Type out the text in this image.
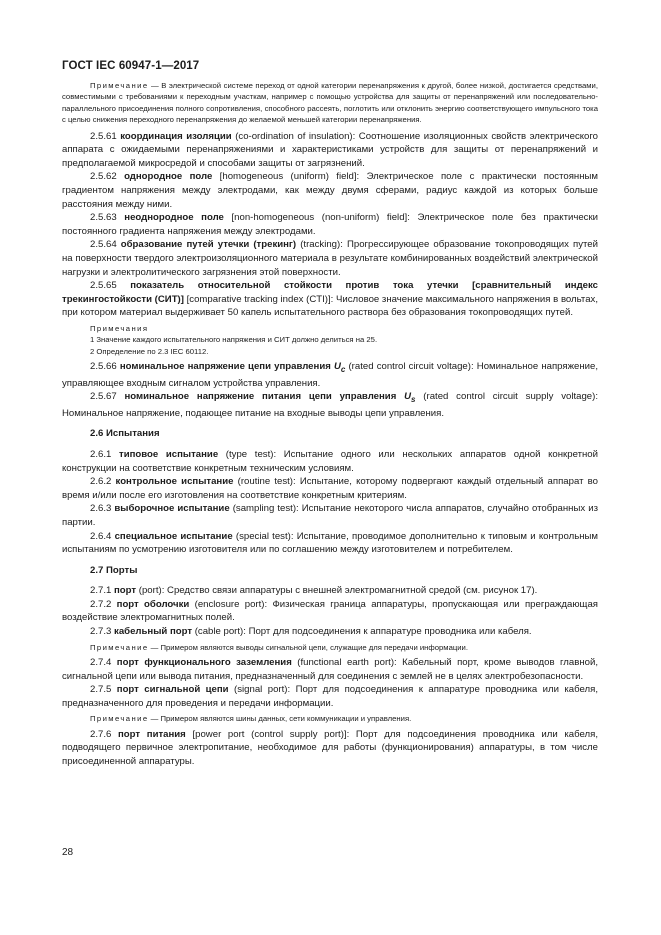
ГОСТ IEC 60947-1—2017

Примечание — В электрической системе переход от одной категории перенапряжения к другой, более низкой, достигается средствами, совместимыми с требованиями к переходным участкам, например с помощью устройства для защиты от перенапряжений или последовательно-параллельного присоединения полного сопротивления, способного рассеять, поглотить или отклонить энергию соответствующего импульсного тока с целью снижения переходного перенапряжения до желаемой меньшей категории перенапряжения.

2.5.61 координация изоляции (co-ordination of insulation): Соотношение изоляционных свойств электрического аппарата с ожидаемыми перенапряжениями и характеристиками устройств для защиты от перенапряжений и предполагаемой микросредой и способами защиты от загрязнений.

2.5.62 однородное поле [homogeneous (uniform) field]: Электрическое поле с практически постоянным градиентом напряжения между электродами, как между двумя сферами, радиус каждой из которых больше расстояния между ними.

2.5.63 неоднородное поле [non-homogeneous (non-uniform) field]: Электрическое поле без практически постоянного градиента напряжения между электродами.

2.5.64 образование путей утечки (трекинг) (tracking): Прогрессирующее образование токопроводящих путей на поверхности твердого электроизоляционного материала в результате комбинированных воздействий электрической нагрузки и электролитического загрязнения этой поверхности.

2.5.65 показатель относительной стойкости против тока утечки [сравнительный индекс трекингостойкости (СИТ)] [comparative tracking index (CTI)]: Числовое значение максимального напряжения в вольтах, при котором материал выдерживает 50 капель испытательного раствора без образования токопроводящих путей.

Примечания

1 Значение каждого испытательного напряжения и СИТ должно делиться на 25.

2 Определение по 2.3 IEC 60112.

2.5.66 номинальное напряжение цепи управления $U_c$ (rated control circuit voltage): Номинальное напряжение, управляющее входным сигналом устройства управления.

2.5.67 номинальное напряжение питания цепи управления $U_s$ (rated control circuit supply voltage): Номинальное напряжение, подающее питание на входные выводы цепи управления.

2.6 Испытания

2.6.1 типовое испытание (type test): Испытание одного или нескольких аппаратов одной конкретной конструкции на соответствие конкретным техническим условиям.

2.6.2 контрольное испытание (routine test): Испытание, которому подвергают каждый отдельный аппарат во время и/или после его изготовления на соответствие конкретным критериям.

2.6.3 выборочное испытание (sampling test): Испытание некоторого числа аппаратов, случайно отобранных из партии.

2.6.4 специальное испытание (special test): Испытание, проводимое дополнительно к типовым и контрольным испытаниям по усмотрению изготовителя или по соглашению между изготовителем и потребителем.

2.7 Порты

2.7.1 порт (port): Средство связи аппаратуры с внешней электромагнитной средой (см. рисунок 17).

2.7.2 порт оболочки (enclosure port): Физическая граница аппаратуры, пропускающая или преграждающая воздействие электромагнитных полей.

2.7.3 кабельный порт (cable port): Порт для подсоединения к аппаратуре проводника или кабеля.

Примечание — Примером являются выводы сигнальной цепи, служащие для передачи информации.

2.7.4 порт функционального заземления (functional earth port): Кабельный порт, кроме выводов главной, сигнальной цепи или вывода питания, предназначенный для соединения с землей не в целях электробезопасности.

2.7.5 порт сигнальной цепи (signal port): Порт для подсоединения к аппаратуре проводника или кабеля, предназначенного для проведения и передачи информации.

Примечание — Примером являются шины данных, сети коммуникации и управления.

2.7.6 порт питания [power port (control supply port)]: Порт для подсоединения проводника или кабеля, подводящего первичное электропитание, необходимое для работы (функционирования) аппаратуры, в том числе присоединенной аппаратуры.

28
